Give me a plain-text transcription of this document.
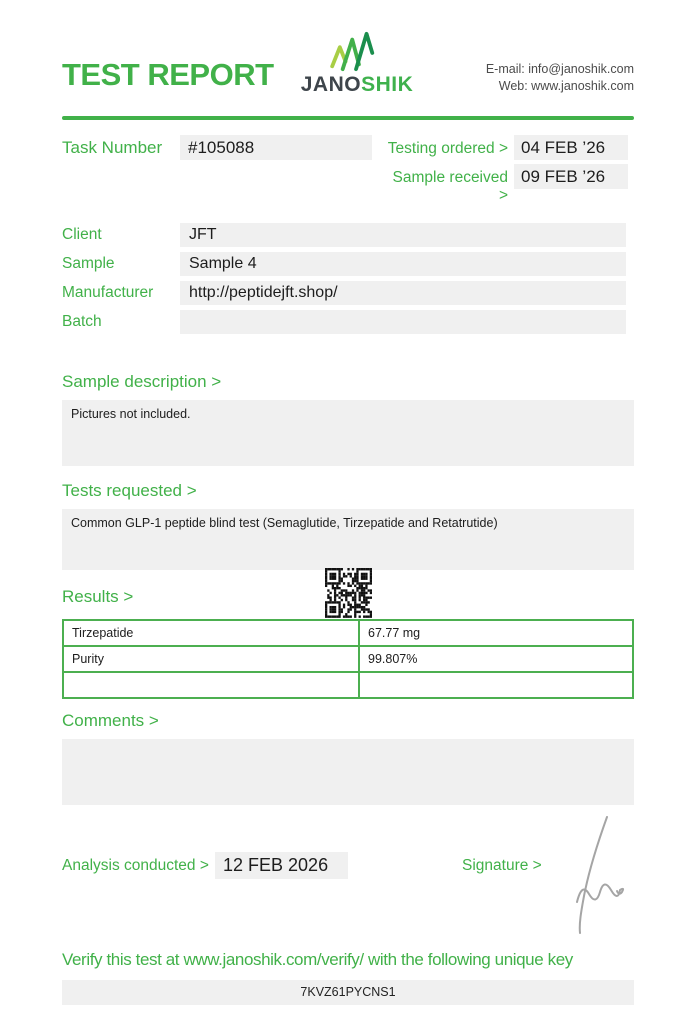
TEST REPORT JANOSHIK
E-mail: info@janoshik.com
Web: www.janoshik.com
Task Number	#105088	Testing ordered > 04 FEB ’26
Sample received >
09 FEB ’26
Client	JFT
Sample	Sample 4
Manufacturer	http://peptidejft.shop/
Batch
Sample description >
Pictures not included.
Tests requested >
Common GLP-1 peptide blind test (Semaglutide, Tirzepatide and Retatrutide)
Results >
Tirzepatide	67.77 mg
Purity	99.807%

Comments >
Analysis conducted > 12 FEB 2026	Signature >
Verify this test at www.janoshik.com/verify/ with the following unique key
7KVZ61PYCNS1
